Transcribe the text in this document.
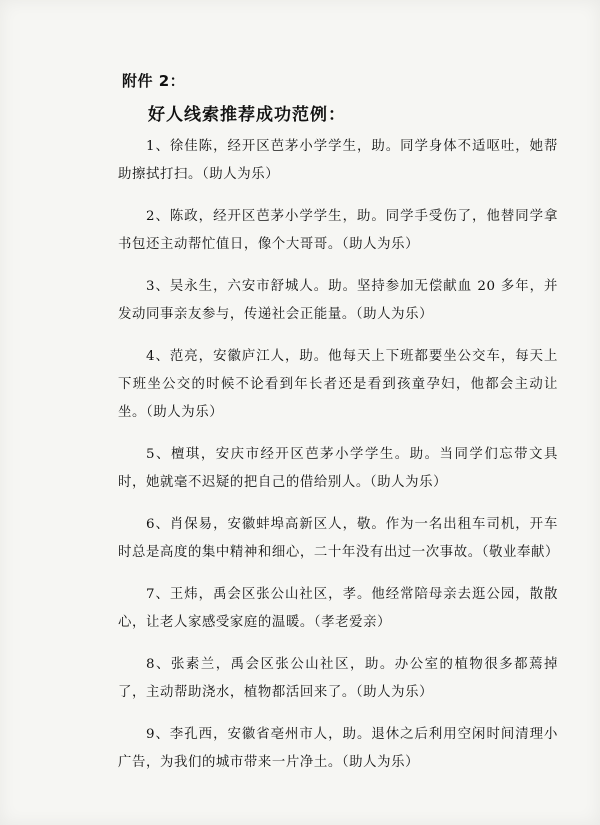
附件 2：
好人线索推荐成功范例：

1、徐佳陈，经开区芭茅小学学生，助。同学身体不适呕吐，她帮助擦拭打扫。（助人为乐）

2、陈政，经开区芭茅小学学生，助。同学手受伤了，他替同学拿书包还主动帮忙值日，像个大哥哥。（助人为乐）

3、吴永生，六安市舒城人。助。坚持参加无偿献血 20 多年，并发动同事亲友参与，传递社会正能量。（助人为乐）

4、范亮，安徽庐江人，助。他每天上下班都要坐公交车，每天上下班坐公交的时候不论看到年长者还是看到孩童孕妇，他都会主动让坐。（助人为乐）

5、檀琪，安庆市经开区芭茅小学学生。助。当同学们忘带文具时，她就毫不迟疑的把自己的借给别人。（助人为乐）

6、肖保易，安徽蚌埠高新区人，敬。作为一名出租车司机，开车时总是高度的集中精神和细心，二十年没有出过一次事故。（敬业奉献）

7、王炜，禹会区张公山社区，孝。他经常陪母亲去逛公园，散散心，让老人家感受家庭的温暖。（孝老爱亲）

8、张素兰，禹会区张公山社区，助。办公室的植物很多都蔫掉了，主动帮助浇水，植物都活回来了。（助人为乐）

9、李孔西，安徽省亳州市人，助。退休之后利用空闲时间清理小广告，为我们的城市带来一片净土。（助人为乐）
